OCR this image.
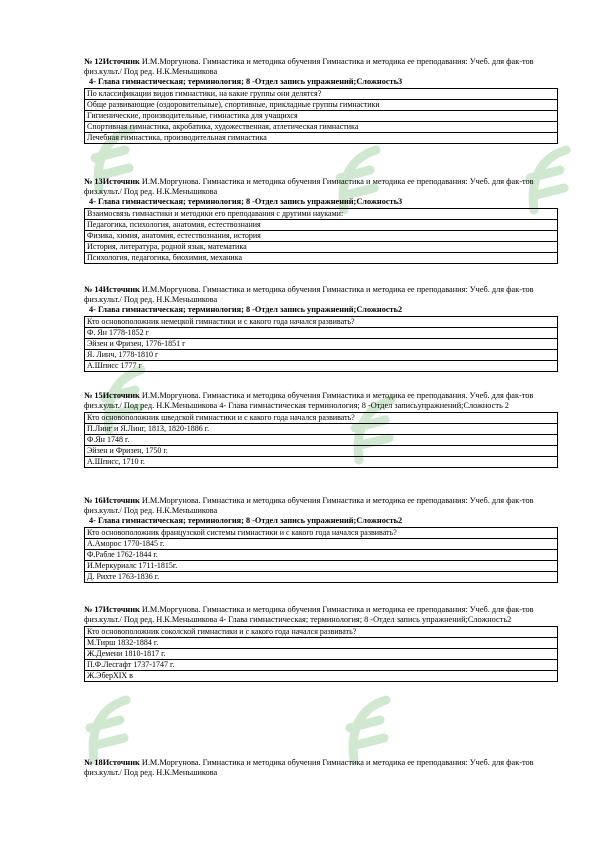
№ 12Источник И.М.Моргунова. Гимнастика и методика обучения Гимнастика и методика ее преподавания: Учеб. для фак-тов физ.культ./ Под ред. Н.К.Меньшикова

4- Глава гимнастическая; терминология; 8 -Отдел запись упражнений;Сложность3

По классификации видов гимнастики, на какие группы они делятся?
Обще развивающие (оздоровительные), спортивные, прикладные группы гимнастики
Гигиенические, производительные, гимнастика для учащихся
Спортивная гимнастика, акробатика, художественная, атлетическая гимнастика
Лечебная гимнастика, производительная гимнастика

№ 13Источник И.М.Моргунова. Гимнастика и методика обучения Гимнастика и методика ее преподавания: Учеб. для фак-тов физ.культ./ Под ред. Н.К.Меньшикова

4- Глава гимнастическая; терминология; 8 -Отдел запись упражнений;Сложность3

Взаимосвязь гимнастики и методики его преподавания с другими науками:
Педагогика, психология, анатомия, естествознания
Физика, химия, анатомия, естествознания, история
История, литература, родной язык, математика
Психология, педагогика, биохимия, механика

№ 14Источник И.М.Моргунова. Гимнастика и методика обучения Гимнастика и методика ее преподавания: Учеб. для фак-тов физ.культ./ Под ред. Н.К.Меньшикова

4- Глава гимнастическая; терминология; 8 -Отдел запись упражнений;Сложность2

Кто основоположник немецкой гимнастики и с какого года начался развивать?
Ф. Ян 1778-1852 г
Эйзен и Фризен, 1776-1851 г
Я. Линч, 1778-1810 г
А.Шписс 1777 г

№ 15Источник И.М.Моргунова. Гимнастика и методика обучения Гимнастика и методика ее преподавания. Учеб. для фак-тов физ.культ./ Под ред. Н.К.Меньшикова 4- Глава гимнастическая терминология; 8 -Отдел записьупражнений;Сложность 2

Кто основоположник шведской гимнастики и с какого года начался развивать?
П.Линг и Я.Линг, 1813, 1820-1886 г.
Ф.Ян 1748 г.
Эйзен и Фризен, 1750 г.
А.Шписс, 1710 г.

№ 16Источник И.М.Моргунова. Гимнастика и методика обучения Гимнастика и методика ее преподавания: Учеб. для фак-тов физ.культ./ Под ред. Н.К.Меньшикова

4- Глава гимнастическая; терминология; 8 -Отдел запись упражнений;Сложность2

Кто основоположник французской системы гимнастики и с какого года начался развивать?
А.Аморос 1770-1845 г.
Ф.Рабле 1762-1844 г.
И.Меркуриалс 1711-1815г.
Д. Рихте 1763-1836 г.

№ 17Источник И.М.Моргунова. Гимнастика и методика обучения Гимнастика и методика ее преподавания: Учеб. для фак-тов физ.культ./ Под ред. Н.К.Меньшикова 4- Глава гимнастическая; терминология; 8 -Отдел запись упражнений;Сложность2

Кто основоположник соколской гимнастики и с какого года начался развивать?
М.Тирш 1832-1884 г.
Ж.Демени 1810-1817 г.
П.Ф.Лесгафт 1737-1747 г.
Ж.ЭберXIX в

№ 18Источник И.М.Моргунова. Гимнастика и методика обучения Гимнастика и методика ее преподавания: Учеб. для фак-тов физ.культ./ Под ред. Н.К.Меньшикова
